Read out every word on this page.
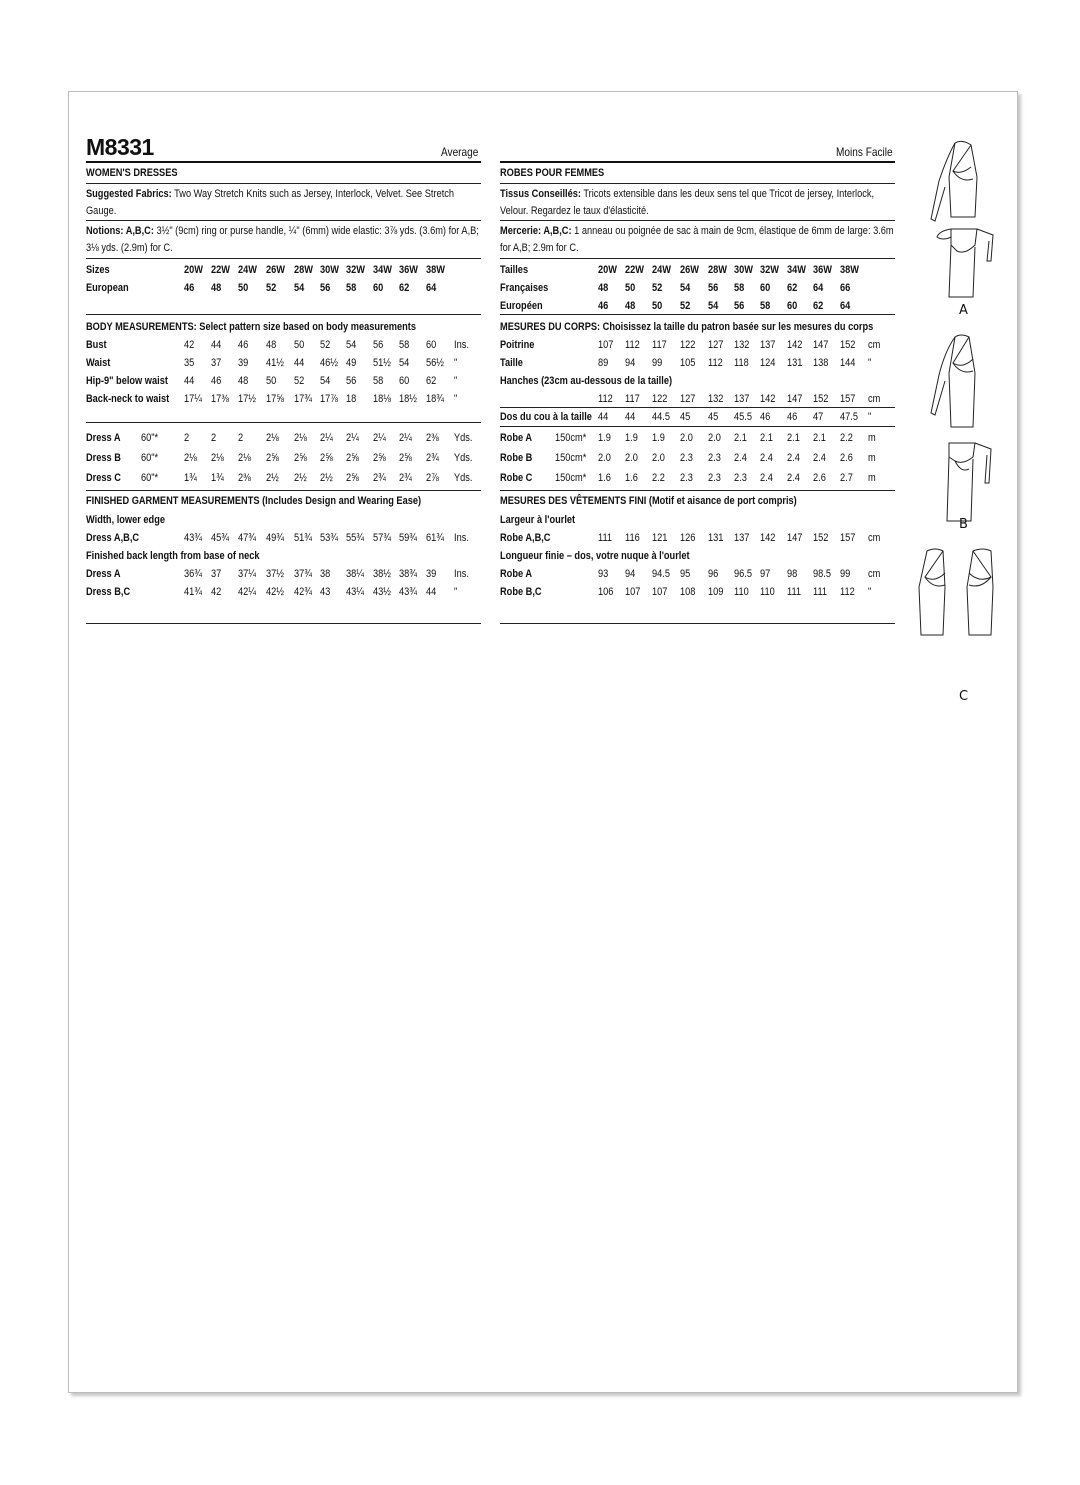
M8331	Average
WOMEN'S DRESSES
Suggested Fabrics: Two Way Stretch Knits such as Jersey, Interlock, Velvet. See Stretch Gauge.
Notions: A,B,C: 3½" (9cm) ring or purse handle, ¼" (6mm) wide elastic: 3⅞ yds. (3.6m) for A,B; 3⅛ yds. (2.9m) for C.
Sizes	20W 22W 24W 26W 28W 30W 32W 34W 36W 38W
European	46 48 50 52 54 56 58 60 62 64
BODY MEASUREMENTS: Select pattern size based on body measurements
Bust	42 44 46 48 50 52 54 56 58 60 Ins.
Waist	35 37 39 41½ 44 46½ 49 51½ 54 56½ "
Hip-9" below waist 44 46 48 50 52 54 56 58 60 62 "
Back-neck to waist 17¼ 17⅜ 17½ 17⅝ 17¾ 17⅞ 18 18⅛ 18½ 18¾ "
Dress A 60"* 2 2 2 2⅛ 2⅛ 2¼ 2¼ 2¼ 2¼ 2⅜ Yds.
Dress B 60"* 2⅛ 2⅛ 2⅛ 2⅝ 2⅝ 2⅝ 2⅝ 2⅝ 2⅝ 2¾ Yds.
Dress C 60"* 1¾ 1¾ 2⅜ 2½ 2½ 2½ 2⅝ 2¾ 2¾ 2⅞ Yds.
FINISHED GARMENT MEASUREMENTS (Includes Design and Wearing Ease)
Width, lower edge
Dress A,B,C	43¾ 45¾ 47¾ 49¾ 51¾ 53¾ 55¾ 57¾ 59¾ 61¾ Ins.
Finished back length from base of neck
Dress A	36¾ 37 37¼ 37½ 37¾ 38 38¼ 38½ 38¾ 39 Ins.
Dress B,C	41¾ 42 42¼ 42½ 42¾ 43 43¼ 43½ 43¾ 44 "
Moins Facile
ROBES POUR FEMMES
Tissus Conseillés: Tricots extensible dans les deux sens tel que Tricot de jersey, Interlock, Velour. Regardez le taux d'élasticité.
Mercerie: A,B,C: 1 anneau ou poignée de sac à main de 9cm, élastique de 6mm de large: 3.6m for A,B; 2.9m for C.
Tailles	20W 22W 24W 26W 28W 30W 32W 34W 36W 38W
Françaises	48 50 52 54 56 58 60 62 64 66
Européen	46 48 50 52 54 56 58 60 62 64
MESURES DU CORPS: Choisissez la taille du patron basée sur les mesures du corps
Poitrine	107 112 117 122 127 132 137 142 147 152 cm
Taille	89 94 99 105 112 118 124 131 138 144 "
Hanches (23cm au-dessous de la taille)
112 117 122 127 132 137 142 147 152 157 cm
Dos du cou à la taille 44 44 44.5 45 45 45.5 46 46 47 47.5 "
Robe A 150cm* 1.9 1.9 1.9 2.0 2.0 2.1 2.1 2.1 2.1 2.2 m
Robe B 150cm* 2.0 2.0 2.0 2.3 2.3 2.4 2.4 2.4 2.4 2.6 m
Robe C 150cm* 1.6 1.6 2.2 2.3 2.3 2.3 2.4 2.4 2.6 2.7 m
MESURES DES VÊTEMENTS FINI (Motif et aisance de port compris)
Largeur à l'ourlet
Robe A,B,C	111 116 121 126 131 137 142 147 152 157 cm
Longueur finie – dos, votre nuque à l'ourlet
Robe A	93 94 94.5 95 96 96.5 97 98 98.5 99 cm
Robe B,C	106 107 107 108 109 110 110 111 111 112 "
A
B
C
